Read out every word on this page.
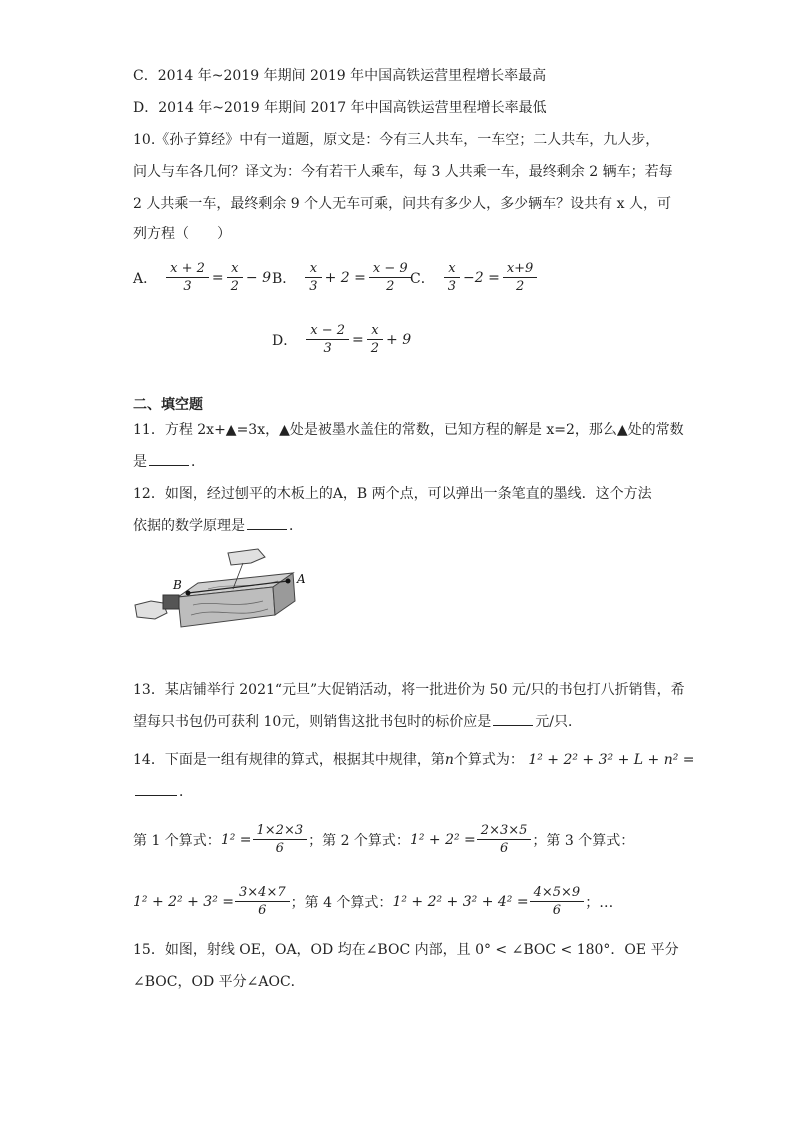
C．2014 年~2019 年期间 2019 年中国高铁运营里程增长率最高
D．2014 年~2019 年期间 2017 年中国高铁运营里程增长率最低
10.《孙子算经》中有一道题，原文是：今有三人共车，一车空；二人共车，九人步，
问人与车各几何？译文为：今有若干人乘车，每 3 人共乘一车，最终剩余 2 辆车；若每
2 人共乘一车，最终剩余 9 个人无车可乘，问共有多少人，多少辆车？设共有 x 人，可
列方程（　　）
A． $\frac{x + 2}{3} = \frac{x}{2} - 9$ B． $\frac{x}{3} + 2 = \frac{x - 9}{2}$ C． $\frac{x}{3} -2 = \frac{x+9}{2}$
D． $\frac{x - 2}{3} = \frac{x}{2} + 9$
二、填空题
11．方程 2x+▲=3x，▲处是被墨水盖住的常数，已知方程的解是 x=2，那么▲处的常数
是	．
12．如图，经过刨平的木板上的A，B 两个点，可以弹出一条笔直的墨线．这个方法
依据的数学原理是	．
B	A
13．某店铺举行 2021“元旦”大促销活动，将一批进价为 50 元/只的书包打八折销售，希
望每只书包仍可获利 10元，则销售这批书包时的标价应是	元/只．
14．下面是一组有规律的算式，根据其中规律，第n个算式为： 1² + 2² + 3² + L + n² =
．
第 1 个算式： $1^2 = \frac{1\times 2\times 3}{6}$ ；第 2 个算式： $1^2 + 2^2 = \frac{2\times 3\times 5}{6}$ ；第 3 个算式：
$1^2 + 2^2 + 3^2 = \frac{3\times 4\times 7}{6}$ ；第 4 个算式： $1^2 + 2^2 + 3^2 + 4^2 = \frac{4\times 5\times 9}{6}$ ；…
15．如图，射线 OE，OA，OD 均在∠BOC 内部，且 0° < ∠BOC < 180°．OE 平分
∠BOC，OD 平分∠AOC．
